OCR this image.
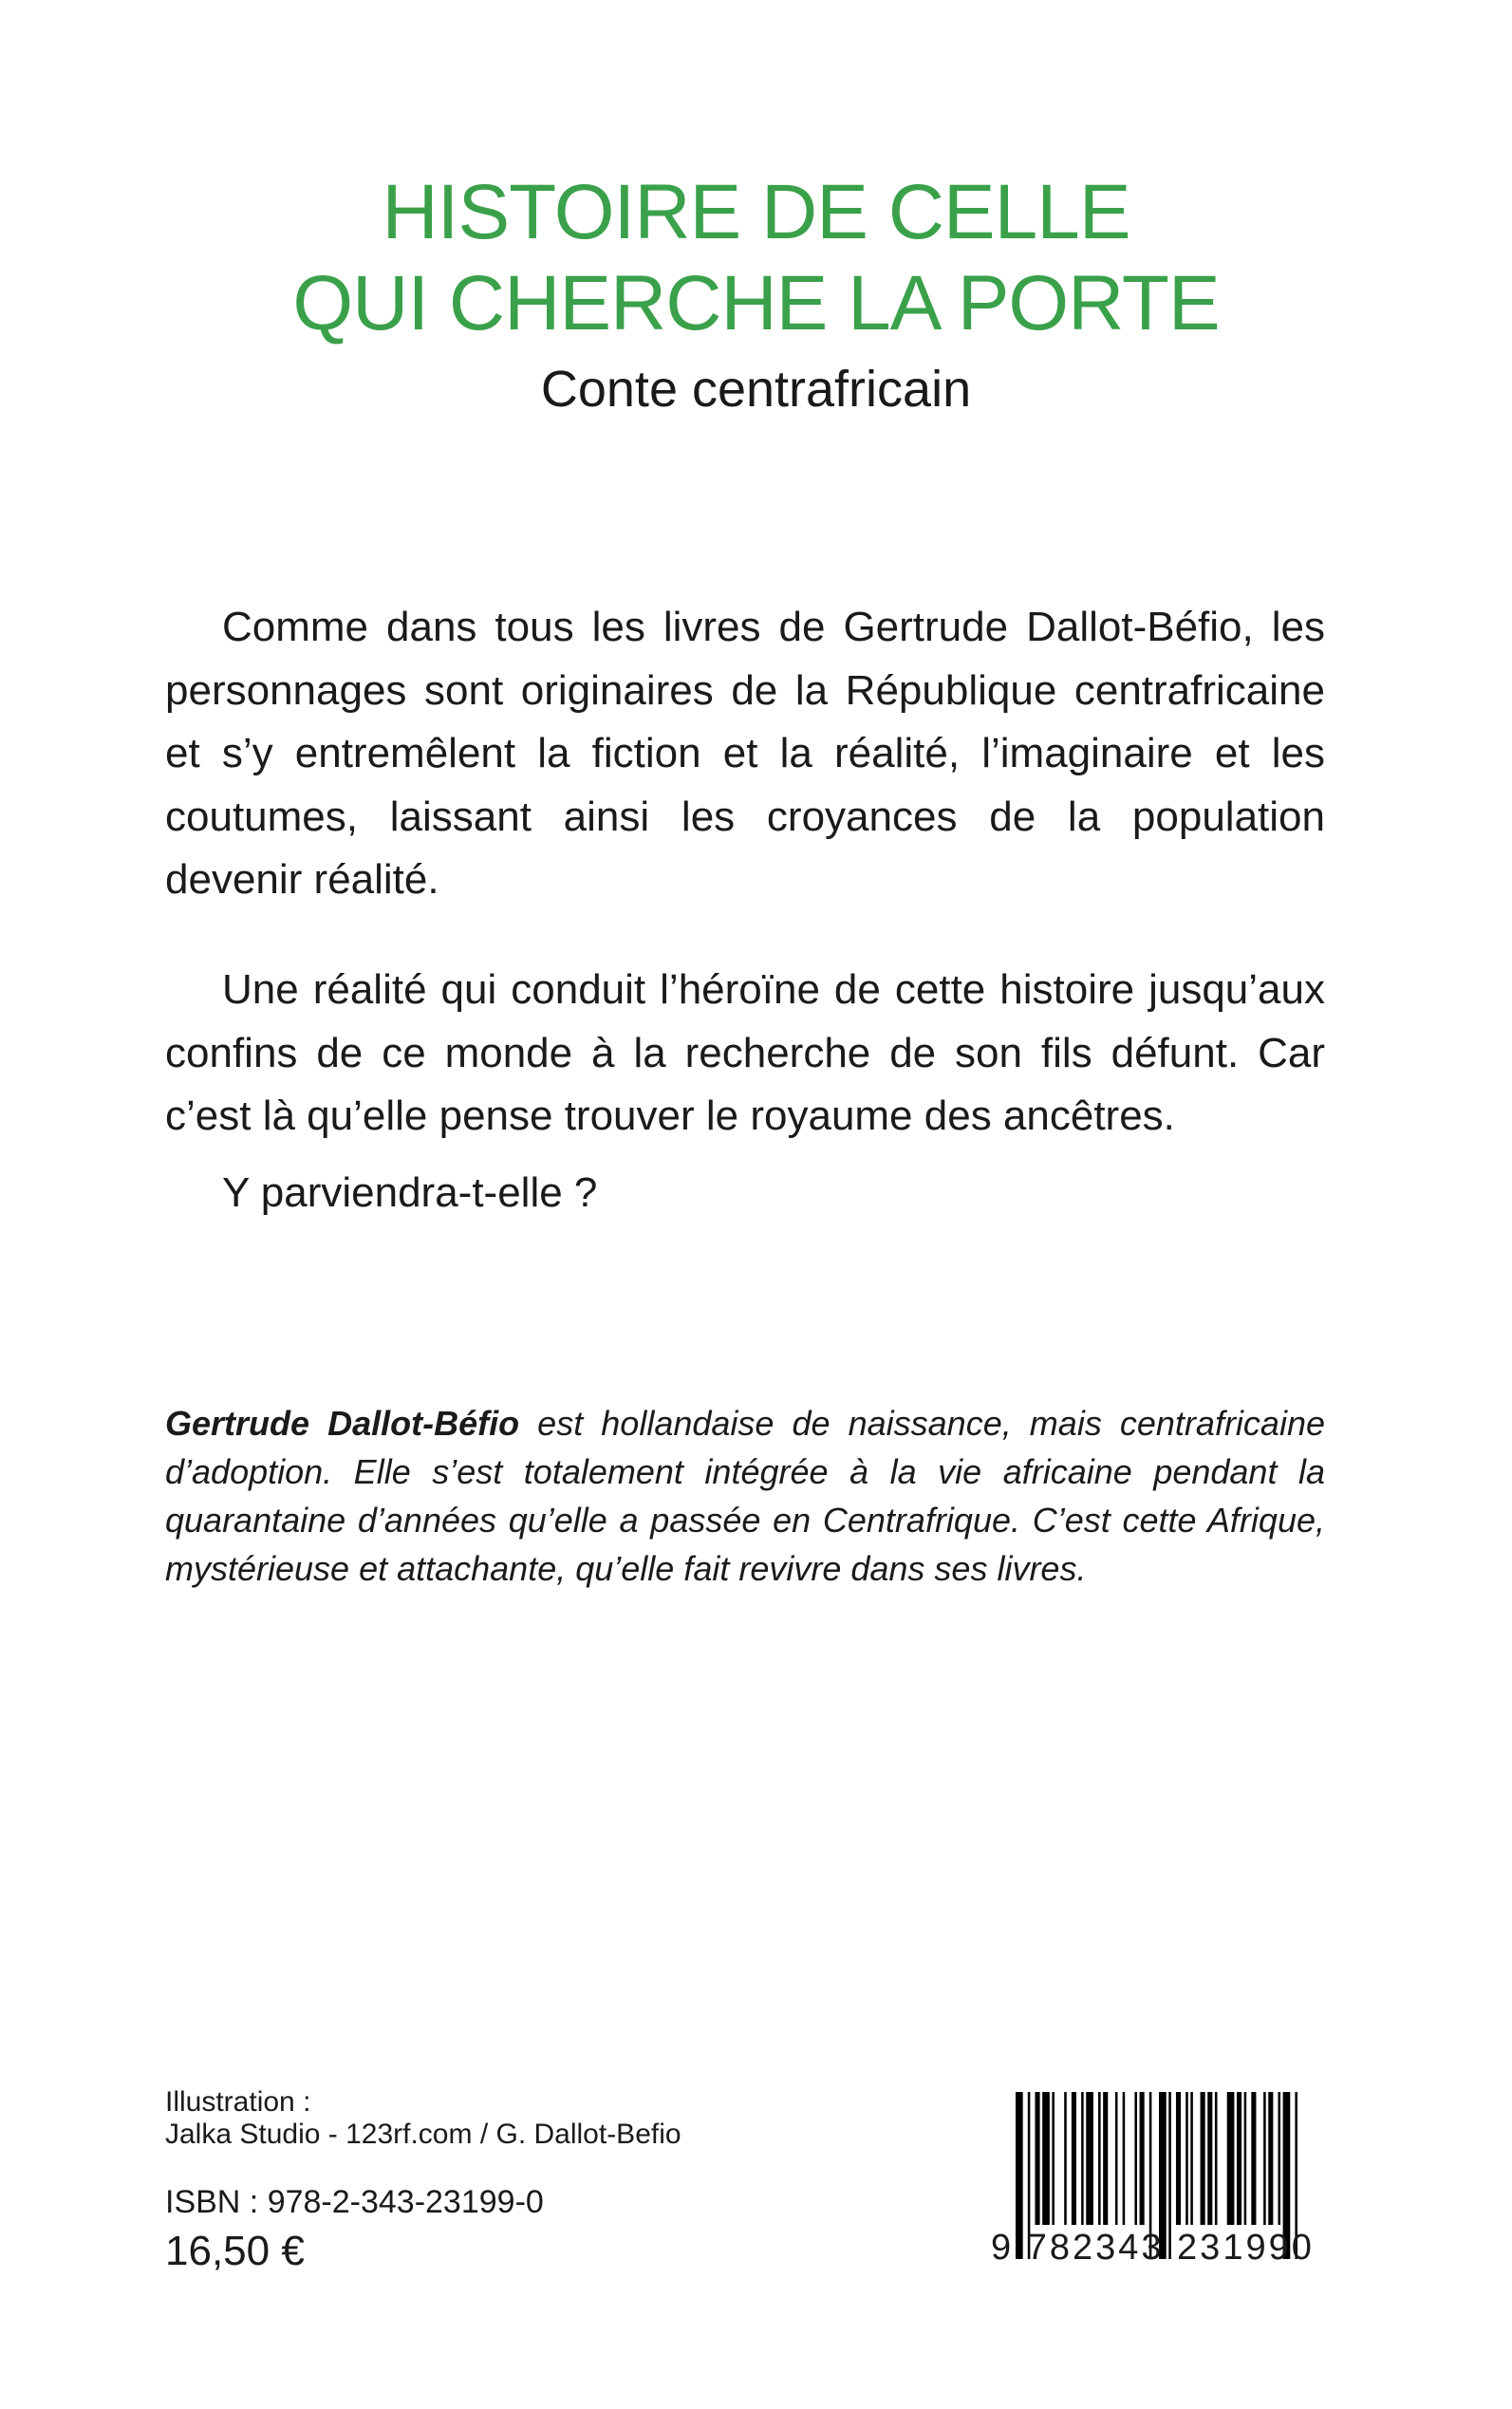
HISTOIRE DE CELLE
QUI CHERCHE LA PORTE
Conte centrafricain

Comme dans tous les livres de Gertrude Dallot-Béfio, les personnages sont originaires de la République centrafricaine et s’y entremêlent la fiction et la réalité, l’imaginaire et les coutumes, laissant ainsi les croyances de la population devenir réalité.

Une réalité qui conduit l’héroïne de cette histoire jusqu’aux confins de ce monde à la recherche de son fils défunt. Car c’est là qu’elle pense trouver le royaume des ancêtres.

Y parviendra-t-elle ?

Gertrude Dallot-Béfio est hollandaise de naissance, mais centrafricaine d’adoption. Elle s’est totalement intégrée à la vie africaine pendant la quarantaine d’années qu’elle a passée en Centrafrique. C’est cette Afrique, mystérieuse et attachante, qu’elle fait revivre dans ses livres.

Illustration :
Jalka Studio - 123rf.com / G. Dallot-Befio
ISBN : 978-2-343-23199-0
16,50 €	9 782343 231990
